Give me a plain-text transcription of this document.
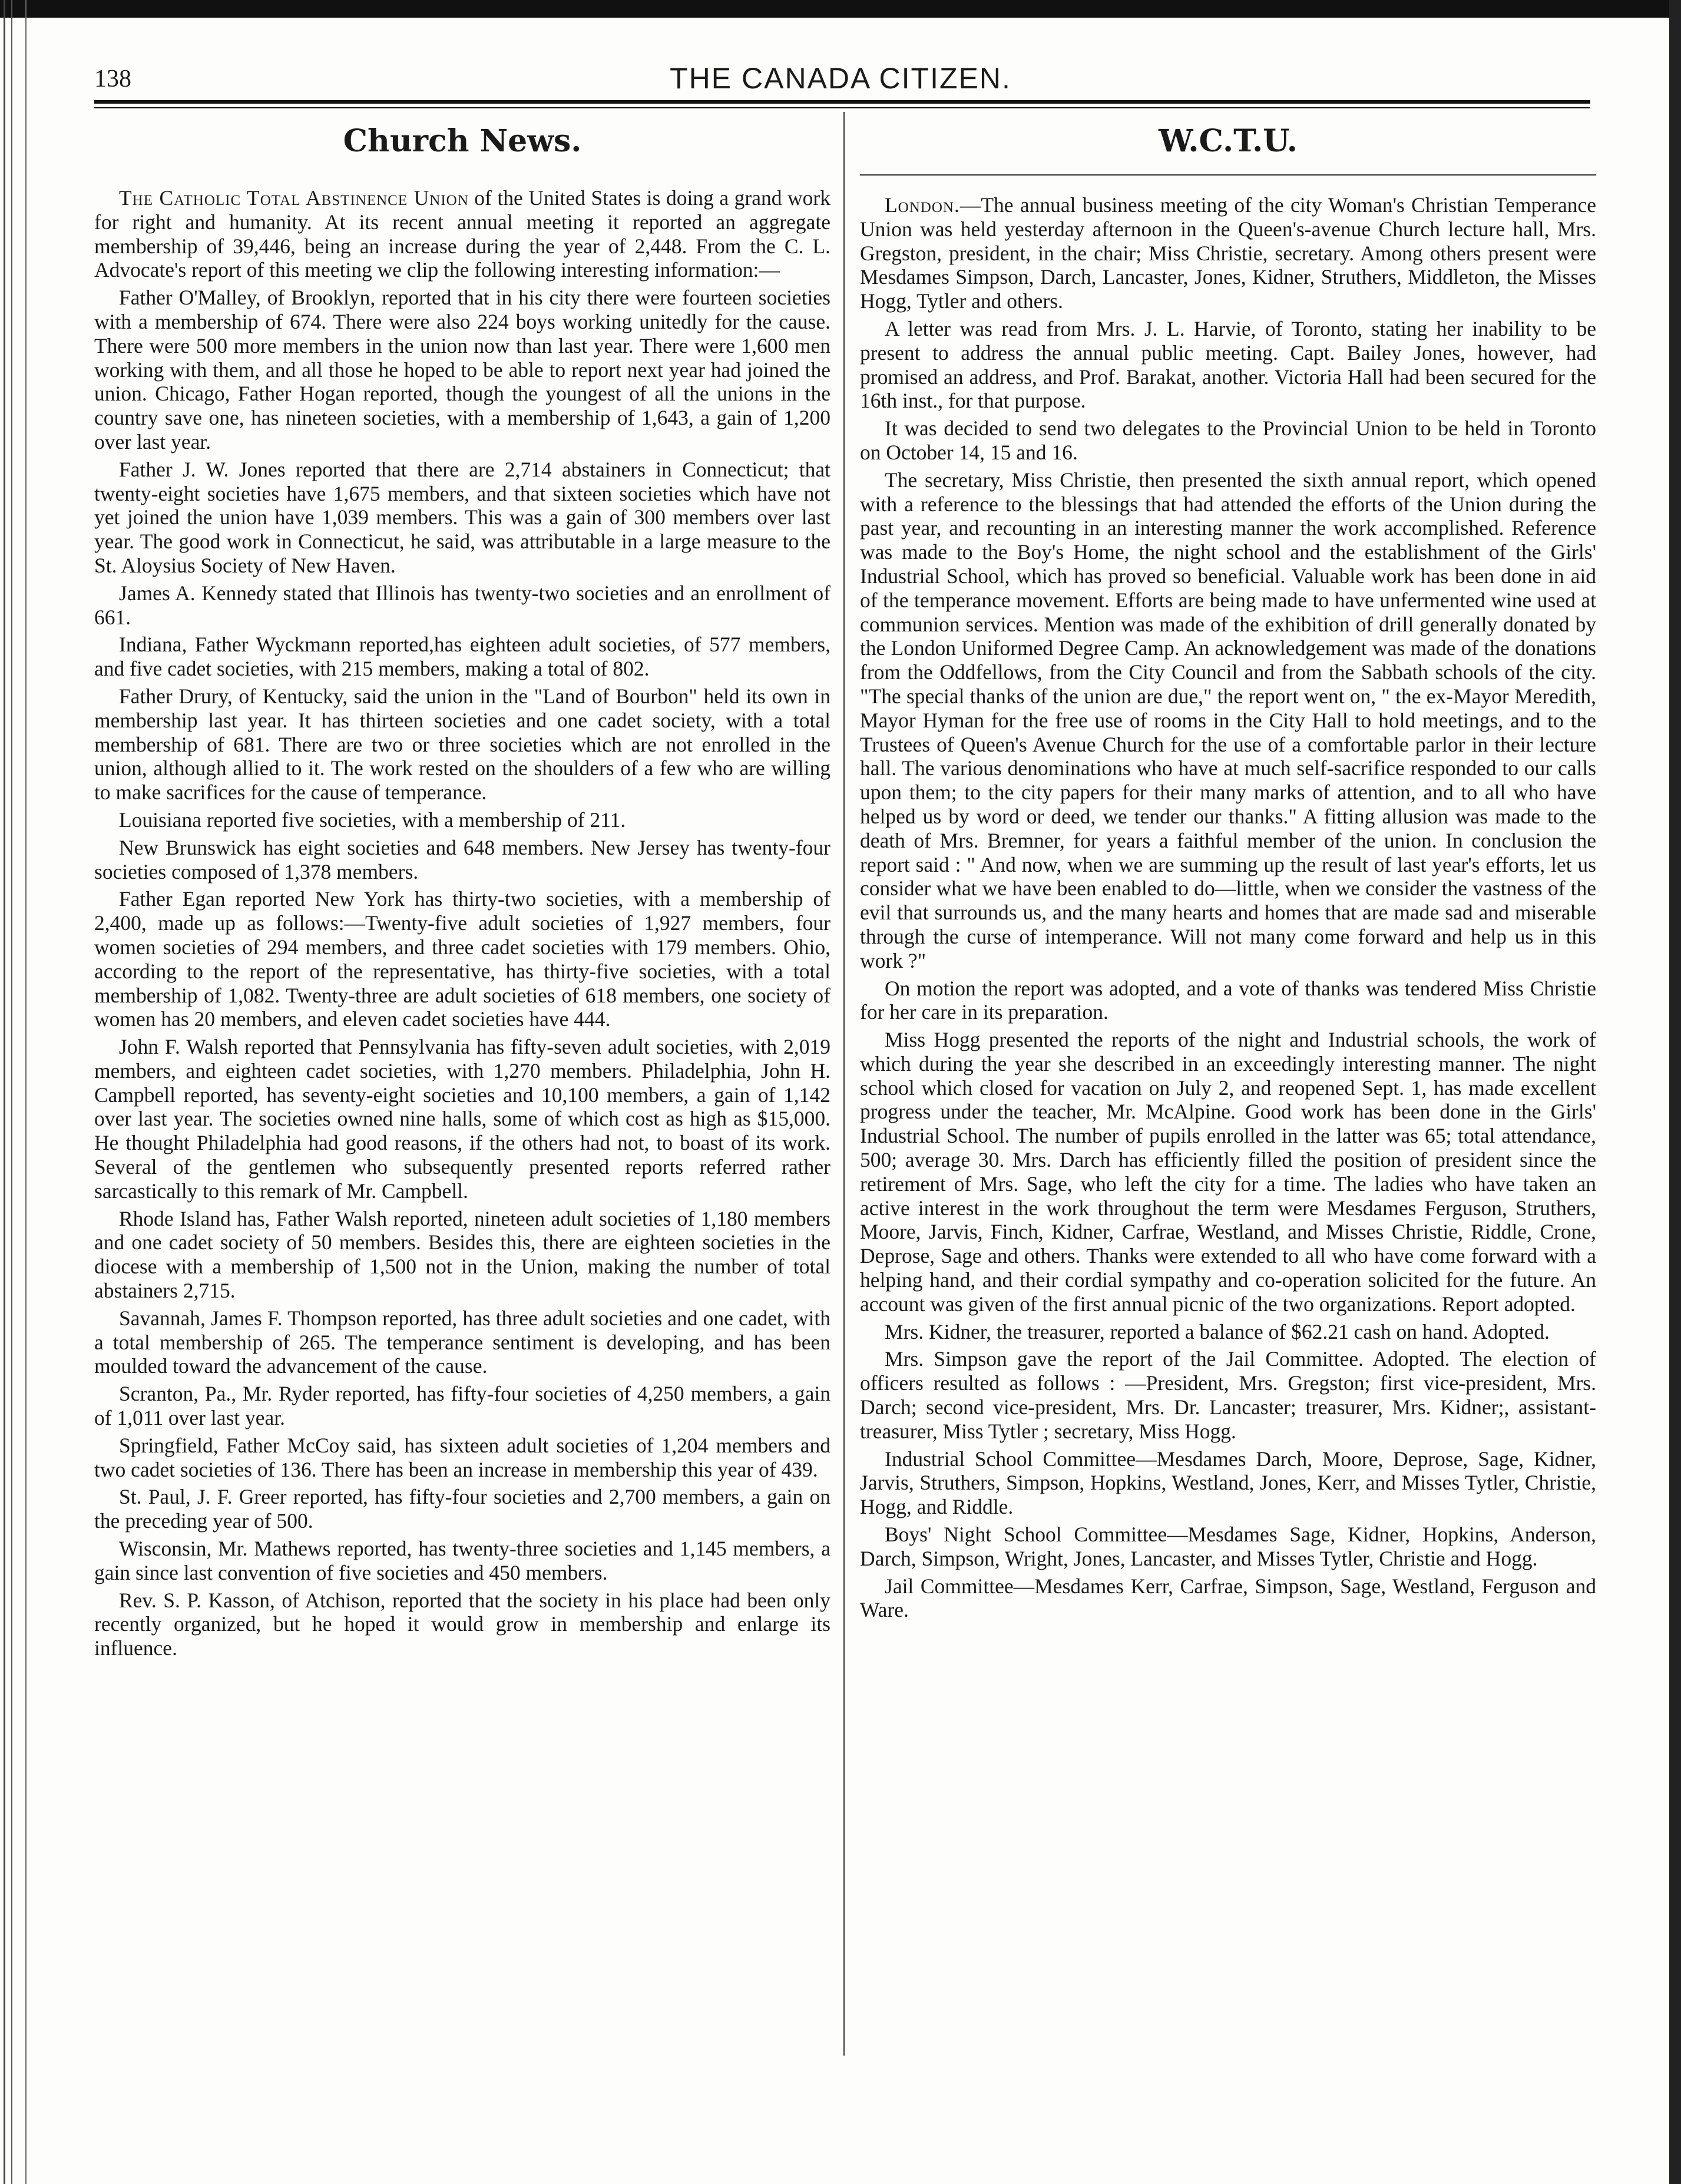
138	THE CANADA CITIZEN.
Church News.

The Catholic Total Abstinence Union of the United States is doing a grand work for right and humanity. At its recent annual meeting it reported an aggregate membership of 39,446, being an increase during the year of 2,448. From the C. L. Advocate's report of this meeting we clip the following interesting information:—

Father O'Malley, of Brooklyn, reported that in his city there were fourteen societies with a membership of 674. There were also 224 boys working unitedly for the cause. There were 500 more members in the union now than last year. There were 1,600 men working with them, and all those he hoped to be able to report next year had joined the union. Chicago, Father Hogan reported, though the youngest of all the unions in the country save one, has nineteen societies, with a membership of 1,643, a gain of 1,200 over last year.

Father J. W. Jones reported that there are 2,714 abstainers in Connecticut; that twenty-eight societies have 1,675 members, and that sixteen societies which have not yet joined the union have 1,039 members. This was a gain of 300 members over last year. The good work in Connecticut, he said, was attributable in a large measure to the St. Aloysius Society of New Haven.

James A. Kennedy stated that Illinois has twenty-two societies and an enrollment of 661.

Indiana, Father Wyckmann reported,has eighteen adult societies, of 577 members, and five cadet societies, with 215 members, making a total of 802.

Father Drury, of Kentucky, said the union in the "Land of Bourbon" held its own in membership last year. It has thirteen societies and one cadet society, with a total membership of 681. There are two or three societies which are not enrolled in the union, although allied to it. The work rested on the shoulders of a few who are willing to make sacrifices for the cause of temperance.

Louisiana reported five societies, with a membership of 211.

New Brunswick has eight societies and 648 members. New Jersey has twenty-four societies composed of 1,378 members.

Father Egan reported New York has thirty-two societies, with a membership of 2,400, made up as follows:—Twenty-five adult societies of 1,927 members, four women societies of 294 members, and three cadet societies with 179 members. Ohio, according to the report of the representative, has thirty-five societies, with a total membership of 1,082. Twenty-three are adult societies of 618 members, one society of women has 20 members, and eleven cadet societies have 444.

John F. Walsh reported that Pennsylvania has fifty-seven adult societies, with 2,019 members, and eighteen cadet societies, with 1,270 members. Philadelphia, John H. Campbell reported, has seventy-eight societies and 10,100 members, a gain of 1,142 over last year. The societies owned nine halls, some of which cost as high as $15,000. He thought Philadelphia had good reasons, if the others had not, to boast of its work. Several of the gentlemen who subsequently presented reports referred rather sarcastically to this remark of Mr. Campbell.

Rhode Island has, Father Walsh reported, nineteen adult societies of 1,180 members and one cadet society of 50 members. Besides this, there are eighteen societies in the diocese with a membership of 1,500 not in the Union, making the number of total abstainers 2,715.

Savannah, James F. Thompson reported, has three adult societies and one cadet, with a total membership of 265. The temperance sentiment is developing, and has been moulded toward the advancement of the cause.

Scranton, Pa., Mr. Ryder reported, has fifty-four societies of 4,250 members, a gain of 1,011 over last year.

Springfield, Father McCoy said, has sixteen adult societies of 1,204 members and two cadet societies of 136. There has been an increase in membership this year of 439.

St. Paul, J. F. Greer reported, has fifty-four societies and 2,700 members, a gain on the preceding year of 500.

Wisconsin, Mr. Mathews reported, has twenty-three societies and 1,145 members, a gain since last convention of five societies and 450 members.

Rev. S. P. Kasson, of Atchison, reported that the society in his place had been only recently organized, but he hoped it would grow in membership and enlarge its influence.

W.C.T.U.

London.—The annual business meeting of the city Woman's Christian Temperance Union was held yesterday afternoon in the Queen's-avenue Church lecture hall, Mrs. Gregston, president, in the chair; Miss Christie, secretary. Among others present were Mesdames Simpson, Darch, Lancaster, Jones, Kidner, Struthers, Middleton, the Misses Hogg, Tytler and others.

A letter was read from Mrs. J. L. Harvie, of Toronto, stating her inability to be present to address the annual public meeting. Capt. Bailey Jones, however, had promised an address, and Prof. Barakat, another. Victoria Hall had been secured for the 16th inst., for that purpose.

It was decided to send two delegates to the Provincial Union to be held in Toronto on October 14, 15 and 16.

The secretary, Miss Christie, then presented the sixth annual report, which opened with a reference to the blessings that had attended the efforts of the Union during the past year, and recounting in an interesting manner the work accomplished. Reference was made to the Boy's Home, the night school and the establishment of the Girls' Industrial School, which has proved so beneficial. Valuable work has been done in aid of the temperance movement. Efforts are being made to have unfermented wine used at communion services. Mention was made of the exhibition of drill generally donated by the London Uniformed Degree Camp. An acknowledgement was made of the donations from the Oddfellows, from the City Council and from the Sabbath schools of the city. "The special thanks of the union are due," the report went on, " the ex-Mayor Meredith, Mayor Hyman for the free use of rooms in the City Hall to hold meetings, and to the Trustees of Queen's Avenue Church for the use of a comfortable parlor in their lecture hall. The various denominations who have at much self-sacrifice responded to our calls upon them; to the city papers for their many marks of attention, and to all who have helped us by word or deed, we tender our thanks." A fitting allusion was made to the death of Mrs. Bremner, for years a faithful member of the union. In conclusion the report said : " And now, when we are summing up the result of last year's efforts, let us consider what we have been enabled to do—little, when we consider the vastness of the evil that surrounds us, and the many hearts and homes that are made sad and miserable through the curse of intemperance. Will not many come forward and help us in this work ?"

On motion the report was adopted, and a vote of thanks was tendered Miss Christie for her care in its preparation.

Miss Hogg presented the reports of the night and Industrial schools, the work of which during the year she described in an exceedingly interesting manner. The night school which closed for vacation on July 2, and reopened Sept. 1, has made excellent progress under the teacher, Mr. McAlpine. Good work has been done in the Girls' Industrial School. The number of pupils enrolled in the latter was 65; total attendance, 500; average 30. Mrs. Darch has efficiently filled the position of president since the retirement of Mrs. Sage, who left the city for a time. The ladies who have taken an active interest in the work throughout the term were Mesdames Ferguson, Struthers, Moore, Jarvis, Finch, Kidner, Carfrae, Westland, and Misses Christie, Riddle, Crone, Deprose, Sage and others. Thanks were extended to all who have come forward with a helping hand, and their cordial sympathy and co-operation solicited for the future. An account was given of the first annual picnic of the two organizations. Report adopted.

Mrs. Kidner, the treasurer, reported a balance of $62.21 cash on hand. Adopted.

Mrs. Simpson gave the report of the Jail Committee. Adopted. The election of officers resulted as follows : —President, Mrs. Gregston; first vice-president, Mrs. Darch; second vice-president, Mrs. Dr. Lancaster; treasurer, Mrs. Kidner;, assistant-treasurer, Miss Tytler ; secretary, Miss Hogg.

Industrial School Committee—Mesdames Darch, Moore, Deprose, Sage, Kidner, Jarvis, Struthers, Simpson, Hopkins, Westland, Jones, Kerr, and Misses Tytler, Christie, Hogg, and Riddle.

Boys' Night School Committee—Mesdames Sage, Kidner, Hopkins, Anderson, Darch, Simpson, Wright, Jones, Lancaster, and Misses Tytler, Christie and Hogg.

Jail Committee—Mesdames Kerr, Carfrae, Simpson, Sage, Westland, Ferguson and Ware.
